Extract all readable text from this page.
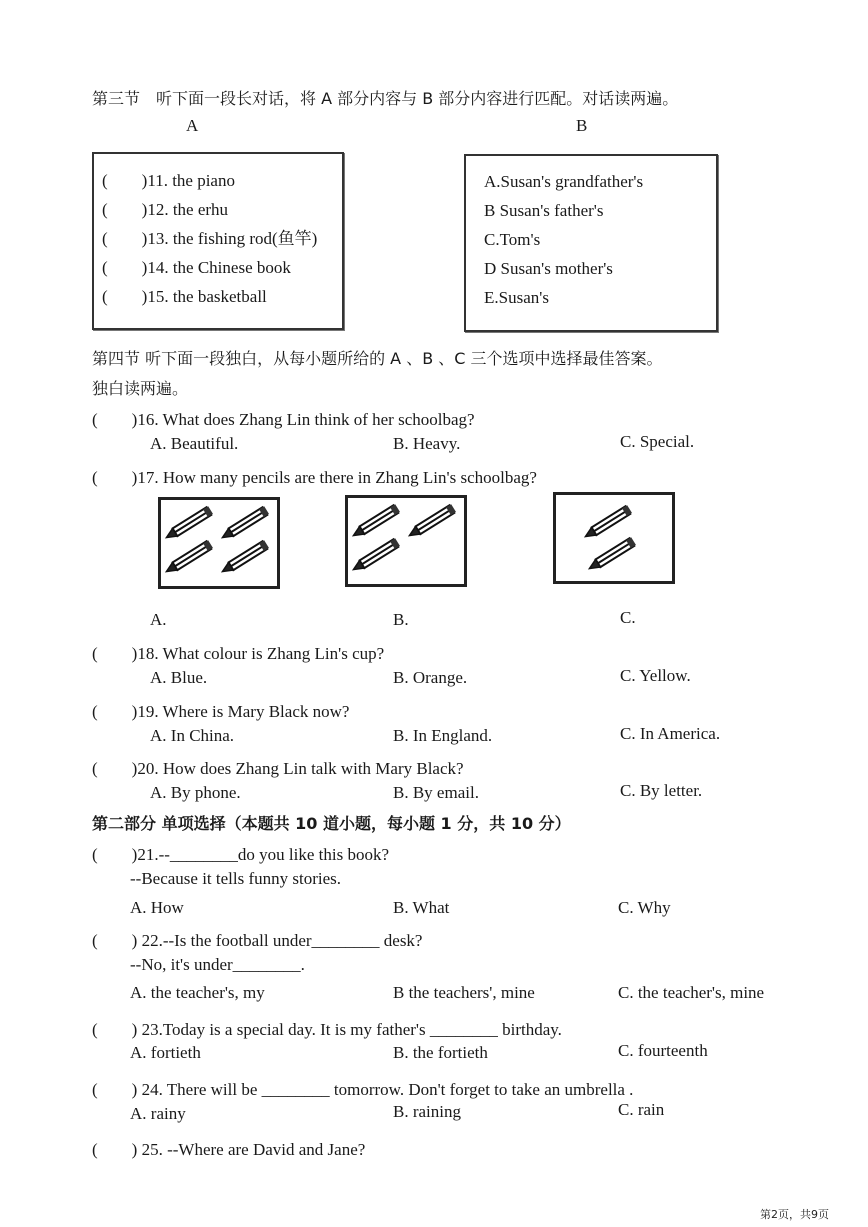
第三节　听下面一段长对话，将 A 部分内容与 B 部分内容进行匹配。对话读两遍。
A	B
(　　)11. the piano
(　　)12. the erhu
(　　)13. the fishing rod(鱼竿)
(　　)14. the Chinese book
(　　)15. the basketball
A.Susan's grandfather's
B Susan's father's
C.Tom's
D Susan's mother's
E.Susan's
第四节 听下面一段独白，从每小题所给的 A 、B 、C 三个选项中选择最佳答案。
独白读两遍。
(　　)16. What does Zhang Lin think of her schoolbag?
A. Beautiful.	B. Heavy.	C. Special.
(　　)17. How many pencils are there in Zhang Lin's schoolbag?
A.	B.	C.
(　　)18. What colour is Zhang Lin's cup?
A. Blue.	B. Orange.	C. Yellow.
(　　)19. Where is Mary Black now?
A. In China.	B. In England.	C. In America.
(　　)20. How does Zhang Lin talk with Mary Black?
A. By phone.	B. By email.	C. By letter.
第二部分 单项选择（本题共 10 道小题，每小题 1 分，共 10 分）
(　　)21.--________do you like this book?
--Because it tells funny stories.
A. How	B. What	C. Why
(　　) 22.--Is the football under________ desk?
--No, it's under________.
A. the teacher's, my	B the teachers', mine	C. the teacher's, mine
(　　) 23.Today is a special day. It is my father's ________ birthday.
A. fortieth	B. the fortieth	C. fourteenth
(　　) 24. There will be ________ tomorrow. Don't forget to take an umbrella .
A. rainy	B. raining	C. rain
(　　) 25. --Where are David and Jane?
第2页，共9页
